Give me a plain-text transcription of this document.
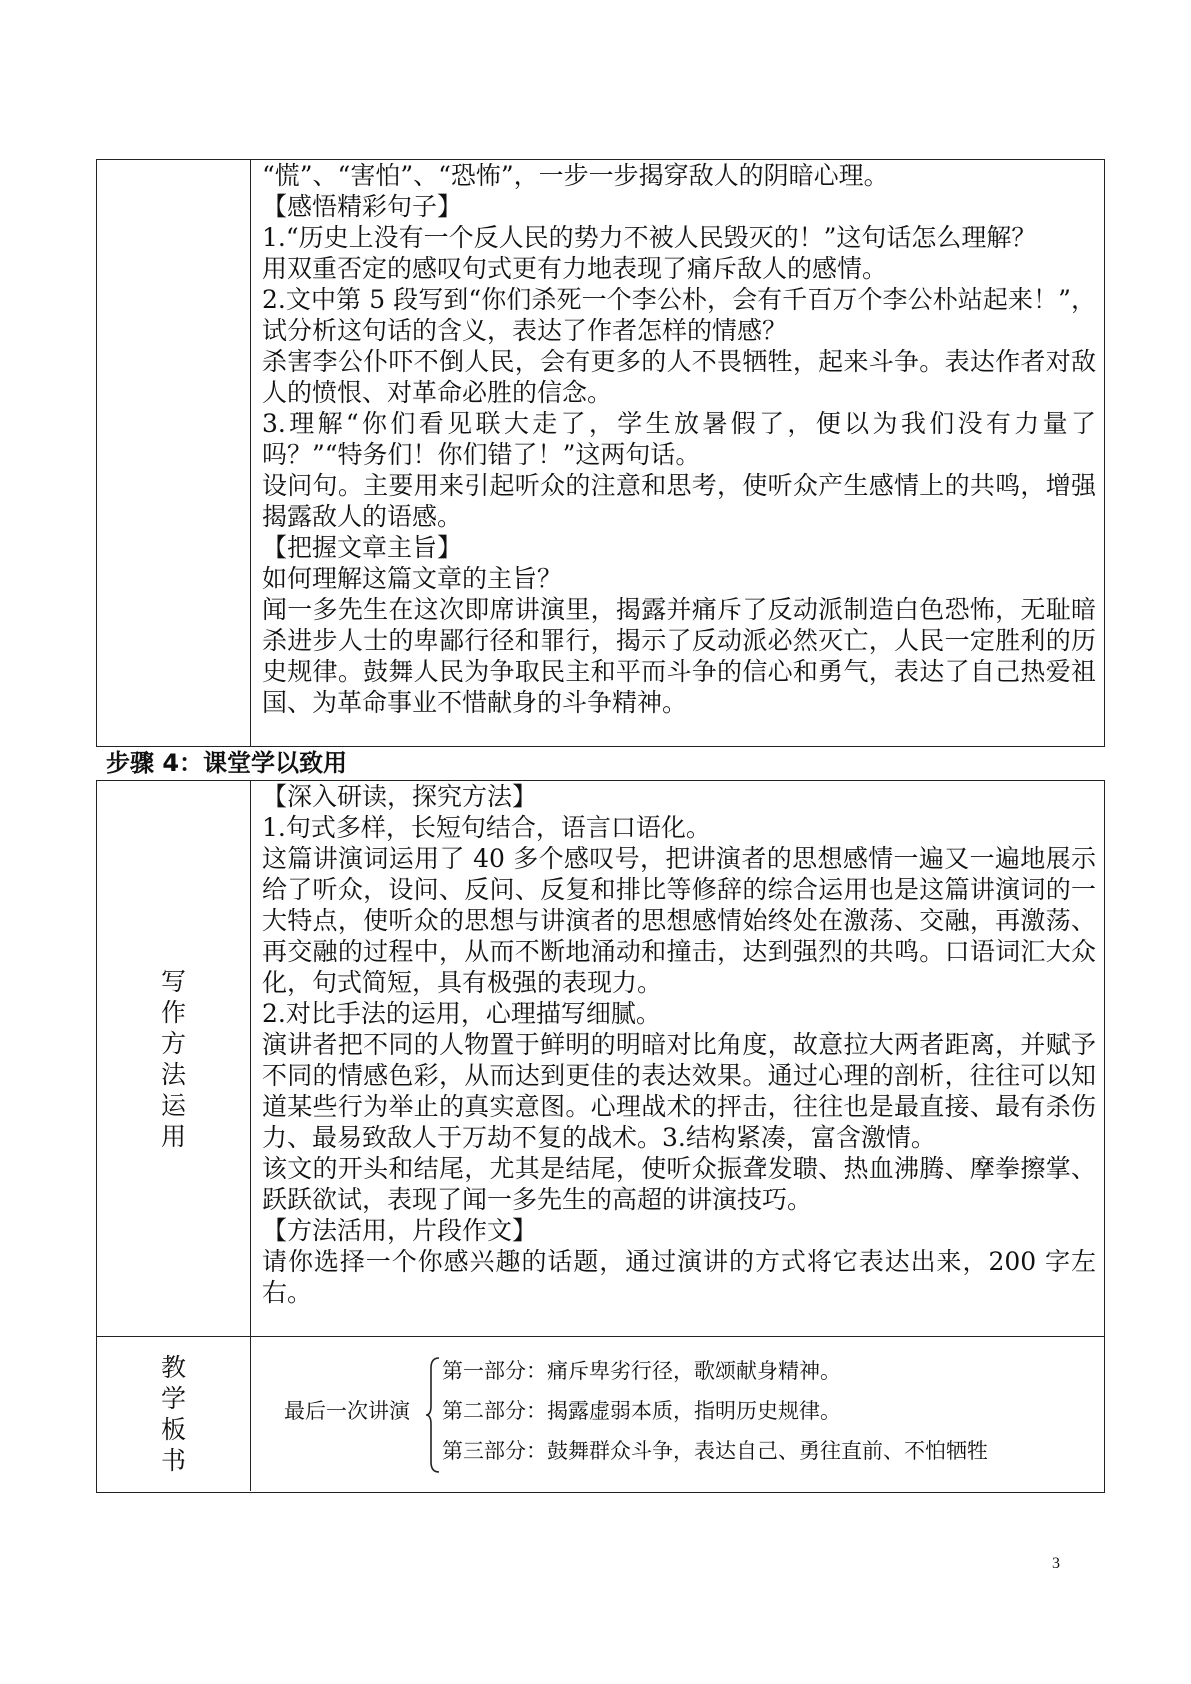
“慌”、“害怕”、“恐怖”，一步一步揭穿敌人的阴暗心理。

【感悟精彩句子】

1.“历史上没有一个反人民的势力不被人民毁灭的！”这句话怎么理解？

用双重否定的感叹句式更有力地表现了痛斥敌人的感情。

2.文中第 5 段写到“你们杀死一个李公朴，会有千百万个李公朴站起来！”，试分析这句话的含义，表达了作者怎样的情感？

杀害李公仆吓不倒人民，会有更多的人不畏牺牲，起来斗争。表达作者对敌人的愤恨、对革命必胜的信念。

3.理解“你们看见联大走了，学生放暑假了，便以为我们没有力量了吗？”“特务们！你们错了！”这两句话。

设问句。主要用来引起听众的注意和思考，使听众产生感情上的共鸣，增强揭露敌人的语感。

【把握文章主旨】

如何理解这篇文章的主旨？

闻一多先生在这次即席讲演里，揭露并痛斥了反动派制造白色恐怖，无耻暗杀进步人士的卑鄙行径和罪行，揭示了反动派必然灭亡，人民一定胜利的历史规律。鼓舞人民为争取民主和平而斗争的信心和勇气，表达了自己热爱祖国、为革命事业不惜献身的斗争精神。

步骤 4：课堂学以致用
写
作
方
法
运
用

【深入研读，探究方法】

1.句式多样，长短句结合，语言口语化。

这篇讲演词运用了 40 多个感叹号，把讲演者的思想感情一遍又一遍地展示给了听众，设问、反问、反复和排比等修辞的综合运用也是这篇讲演词的一大特点，使听众的思想与讲演者的思想感情始终处在激荡、交融，再激荡、再交融的过程中，从而不断地涌动和撞击，达到强烈的共鸣。口语词汇大众化，句式简短，具有极强的表现力。

2.对比手法的运用，心理描写细腻。

演讲者把不同的人物置于鲜明的明暗对比角度，故意拉大两者距离，并赋予不同的情感色彩，从而达到更佳的表达效果。通过心理的剖析，往往可以知道某些行为举止的真实意图。心理战术的抨击，往往也是最直接、最有杀伤力、最易致敌人于万劫不复的战术。3.结构紧凑，富含激情。

该文的开头和结尾，尤其是结尾，使听众振聋发聩、热血沸腾、摩拳擦掌、跃跃欲试，表现了闻一多先生的高超的讲演技巧。

【方法活用，片段作文】

请你选择一个你感兴趣的话题，通过演讲的方式将它表达出来，200 字左右。

教
学
板
书
最后一次讲演
第一部分：痛斥卑劣行径，歌颂献身精神。
第二部分：揭露虚弱本质，指明历史规律。
第三部分：鼓舞群众斗争，表达自己、勇往直前、不怕牺牲
3
